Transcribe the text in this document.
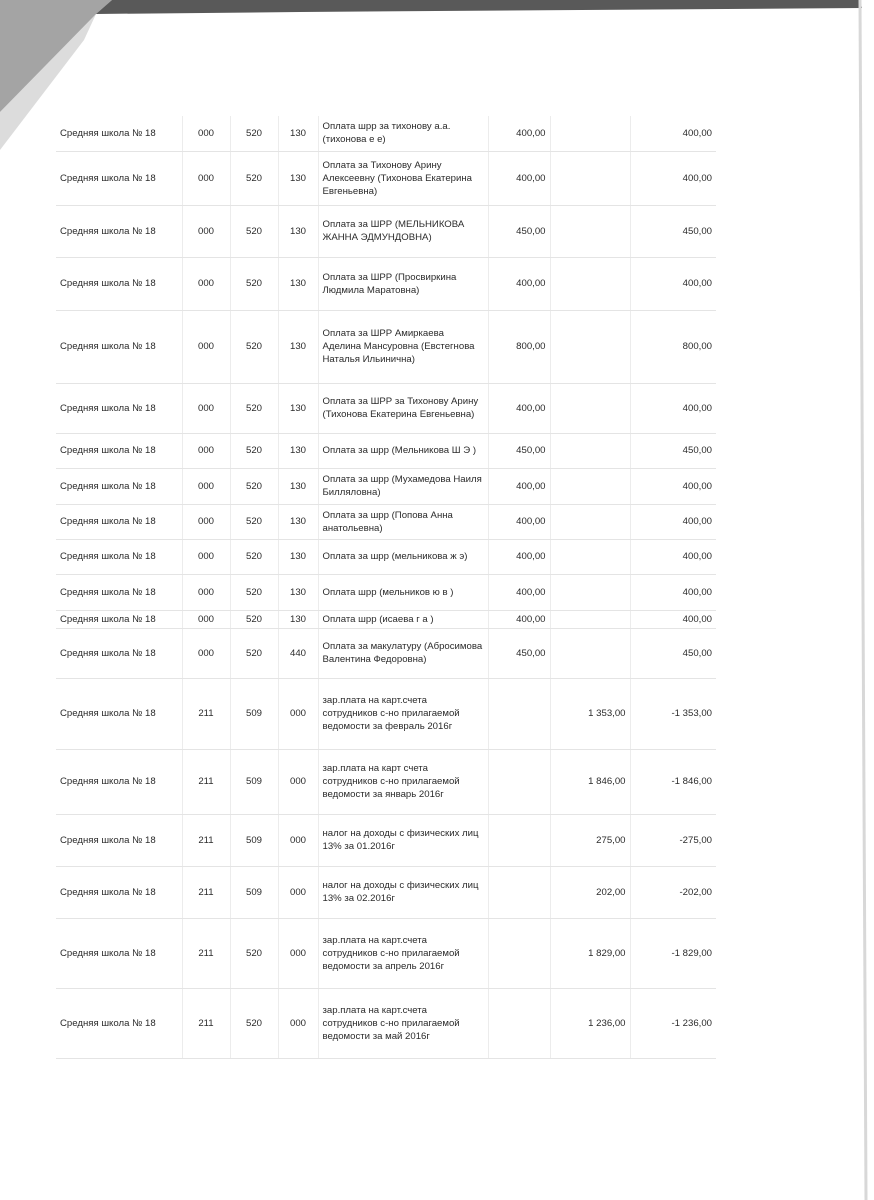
Средняя школа № 18	000	520	130	Оплата шрр за тихонову а.а. (тихонова е е)	400,00		400,00
Средняя школа № 18	000	520	130	Оплата за Тихонову Арину Алексеевну (Тихонова Екатерина Евгеньевна)	400,00		400,00
Средняя школа № 18	000	520	130	Оплата за ШРР (МЕЛЬНИКОВА ЖАННА ЭДМУНДОВНА)	450,00		450,00
Средняя школа № 18	000	520	130	Оплата за ШРР (Просвиркина Людмила Маратовна)	400,00		400,00
Средняя школа № 18	000	520	130	Оплата за ШРР Амиркаева Аделина Мансуровна (Евстегнова Наталья Ильинична)	800,00		800,00
Средняя школа № 18	000	520	130	Оплата за ШРР за Тихонову Арину (Тихонова Екатерина Евгеньевна)	400,00		400,00
Средняя школа № 18	000	520	130	Оплата за шрр (Мельникова Ш Э )	450,00		450,00
Средняя школа № 18	000	520	130	Оплата за шрр (Мухамедова Наиля Билляловна)	400,00		400,00
Средняя школа № 18	000	520	130	Оплата за шрр (Попова Анна анатольевна)	400,00		400,00
Средняя школа № 18	000	520	130	Оплата за шрр (мельникова ж э)	400,00		400,00
Средняя школа № 18	000	520	130	Оплата шрр (мельников ю в )	400,00		400,00
Средняя школа № 18	000	520	130	Оплата шрр (исаева г а )	400,00		400,00
Средняя школа № 18	000	520	440	Оплата за макулатуру (Абросимова Валентина Федоровна)	450,00		450,00
Средняя школа № 18	211	509	000	зар.плата на карт.счета сотрудников с-но прилагаемой ведомости за февраль 2016г		1 353,00	-1 353,00
Средняя школа № 18	211	509	000	зар.плата на карт счета сотрудников с-но прилагаемой ведомости за январь 2016г		1 846,00	-1 846,00
Средняя школа № 18	211	509	000	налог на доходы с физических лиц 13% за 01.2016г		275,00	-275,00
Средняя школа № 18	211	509	000	налог на доходы с физических лиц 13% за 02.2016г		202,00	-202,00
Средняя школа № 18	211	520	000	зар.плата на карт.счета сотрудников с-но прилагаемой ведомости за апрель 2016г		1 829,00	-1 829,00
Средняя школа № 18	211	520	000	зар.плата на карт.счета сотрудников с-но прилагаемой ведомости за май 2016г		1 236,00	-1 236,00
